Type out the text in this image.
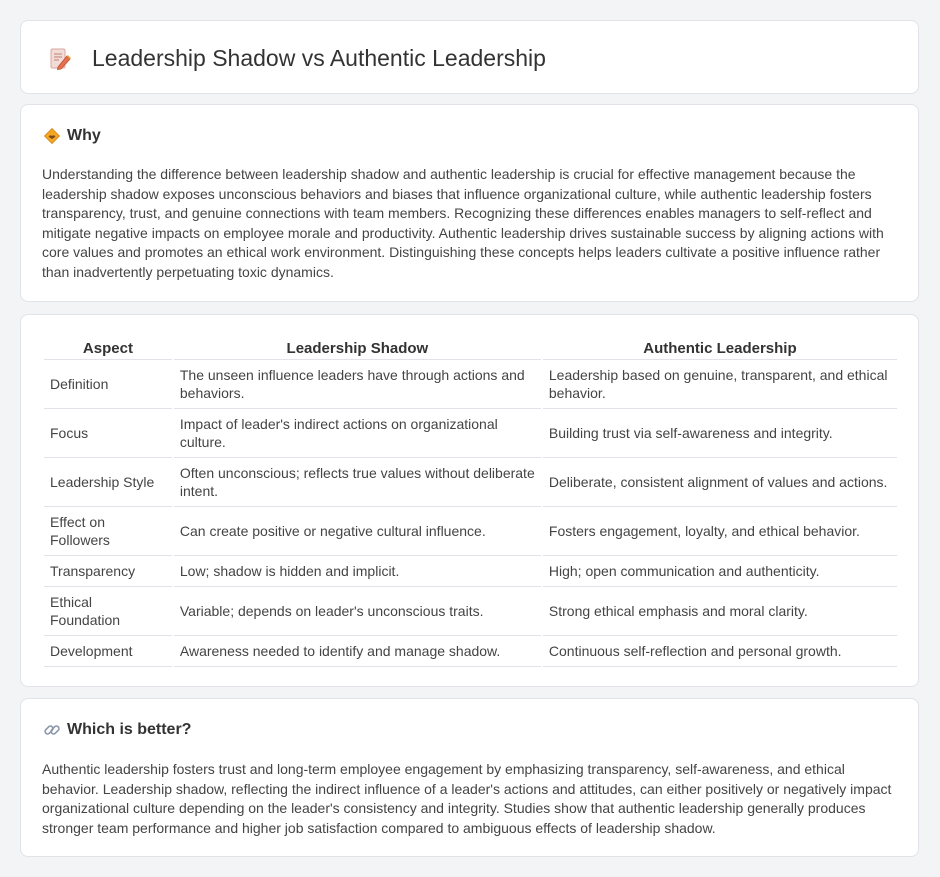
Leadership Shadow vs Authentic Leadership
Why

Understanding the difference between leadership shadow and authentic leadership is crucial for effective management because the leadership shadow exposes unconscious behaviors and biases that influence organizational culture, while authentic leadership fosters transparency, trust, and genuine connections with team members. Recognizing these differences enables managers to self-reflect and mitigate negative impacts on employee morale and productivity. Authentic leadership drives sustainable success by aligning actions with core values and promotes an ethical work environment. Distinguishing these concepts helps leaders cultivate a positive influence rather than inadvertently perpetuating toxic dynamics.

Aspect	Leadership Shadow	Authentic Leadership
Definition	The unseen influence leaders have through actions and behaviors.	Leadership based on genuine, transparent, and ethical behavior.
Focus	Impact of leader's indirect actions on organizational culture.	Building trust via self-awareness and integrity.
Leadership Style	Often unconscious; reflects true values without deliberate intent.	Deliberate, consistent alignment of values and actions.
Effect on Followers	Can create positive or negative cultural influence.	Fosters engagement, loyalty, and ethical behavior.
Transparency	Low; shadow is hidden and implicit.	High; open communication and authenticity.
Ethical Foundation	Variable; depends on leader's unconscious traits.	Strong ethical emphasis and moral clarity.
Development	Awareness needed to identify and manage shadow.	Continuous self-reflection and personal growth.
Which is better?

Authentic leadership fosters trust and long-term employee engagement by emphasizing transparency, self-awareness, and ethical behavior. Leadership shadow, reflecting the indirect influence of a leader's actions and attitudes, can either positively or negatively impact organizational culture depending on the leader's consistency and integrity. Studies show that authentic leadership generally produces stronger team performance and higher job satisfaction compared to ambiguous effects of leadership shadow.
